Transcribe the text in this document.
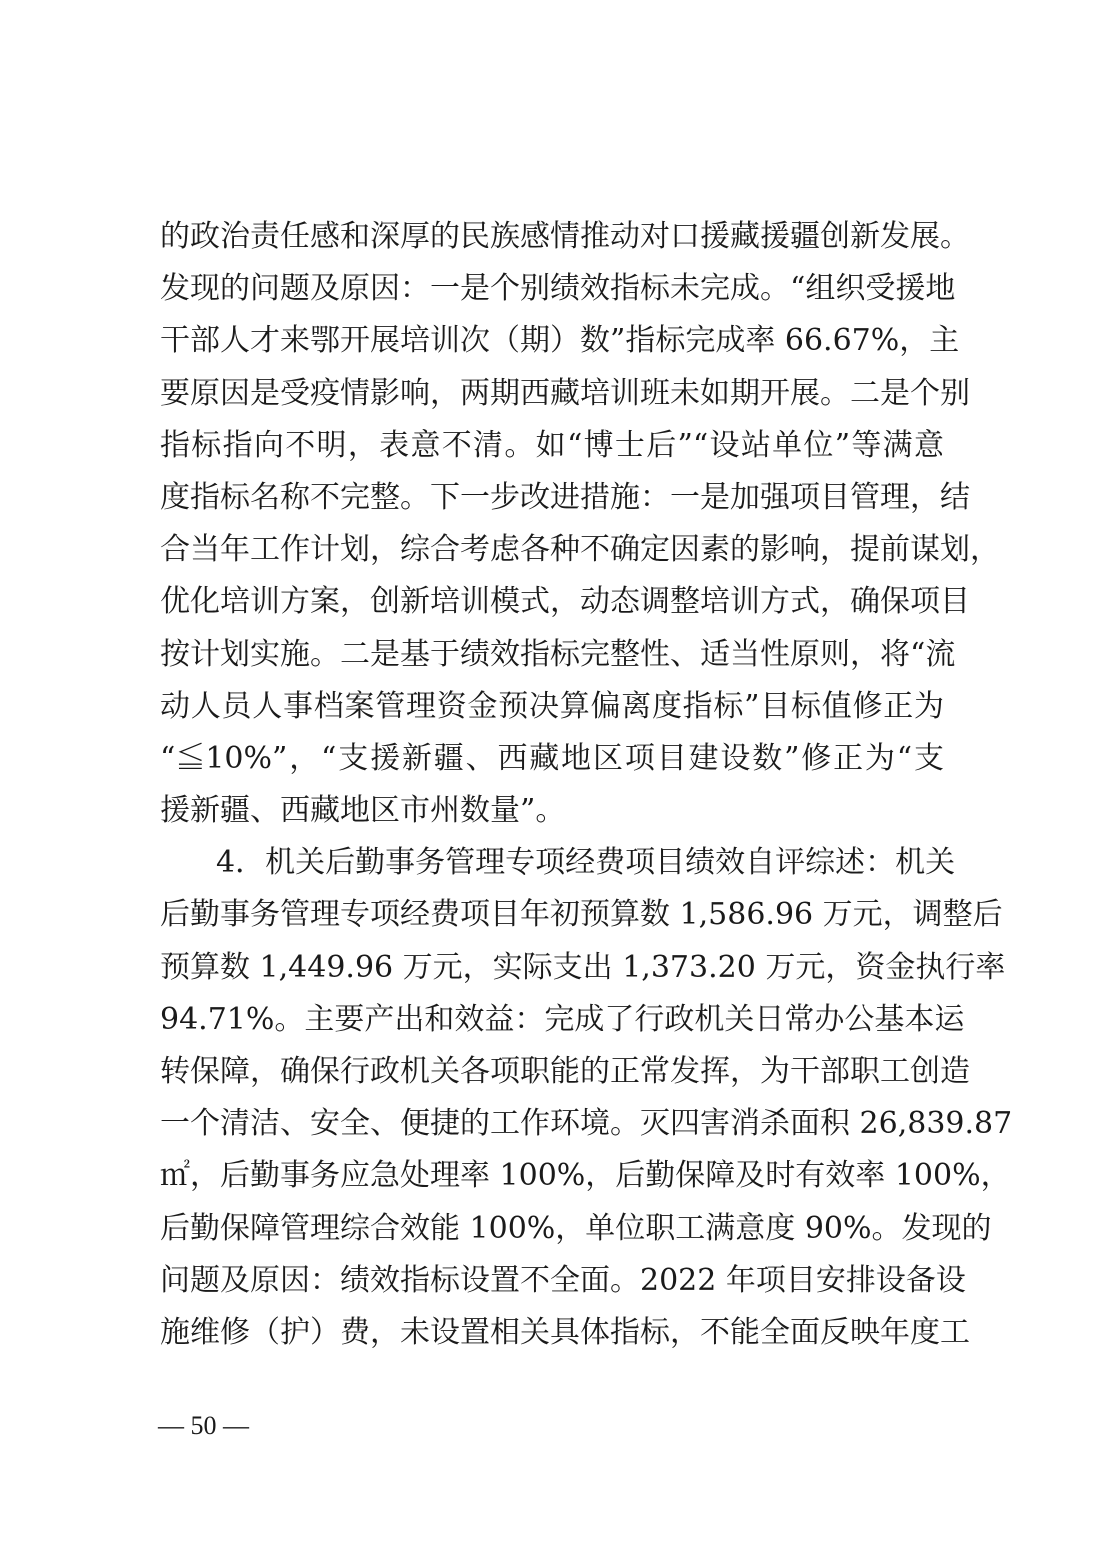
的政治责任感和深厚的民族感情推动对口援藏援疆创新发展。
发现的问题及原因：一是个别绩效指标未完成。“组织受援地
干部人才来鄂开展培训次（期）数”指标完成率 66.67%，主
要原因是受疫情影响，两期西藏培训班未如期开展。二是个别
指标指向不明，表意不清。如“博士后”“设站单位”等满意
度指标名称不完整。下一步改进措施：一是加强项目管理，结
合当年工作计划，综合考虑各种不确定因素的影响，提前谋划，
优化培训方案，创新培训模式，动态调整培训方式，确保项目
按计划实施。二是基于绩效指标完整性、适当性原则，将“流
动人员人事档案管理资金预决算偏离度指标”目标值修正为
“≦10%”，“支援新疆、西藏地区项目建设数”修正为“支
援新疆、西藏地区市州数量”。
4．机关后勤事务管理专项经费项目绩效自评综述：机关
后勤事务管理专项经费项目年初预算数 1,586.96 万元，调整后
预算数 1,449.96 万元，实际支出 1,373.20 万元，资金执行率
94.71%。主要产出和效益：完成了行政机关日常办公基本运
转保障，确保行政机关各项职能的正常发挥，为干部职工创造
一个清洁、安全、便捷的工作环境。灭四害消杀面积 26,839.87
㎡，后勤事务应急处理率 100%，后勤保障及时有效率 100%，
后勤保障管理综合效能 100%，单位职工满意度 90%。发现的
问题及原因：绩效指标设置不全面。2022 年项目安排设备设
施维修（护）费，未设置相关具体指标，不能全面反映年度工
— 50 —
